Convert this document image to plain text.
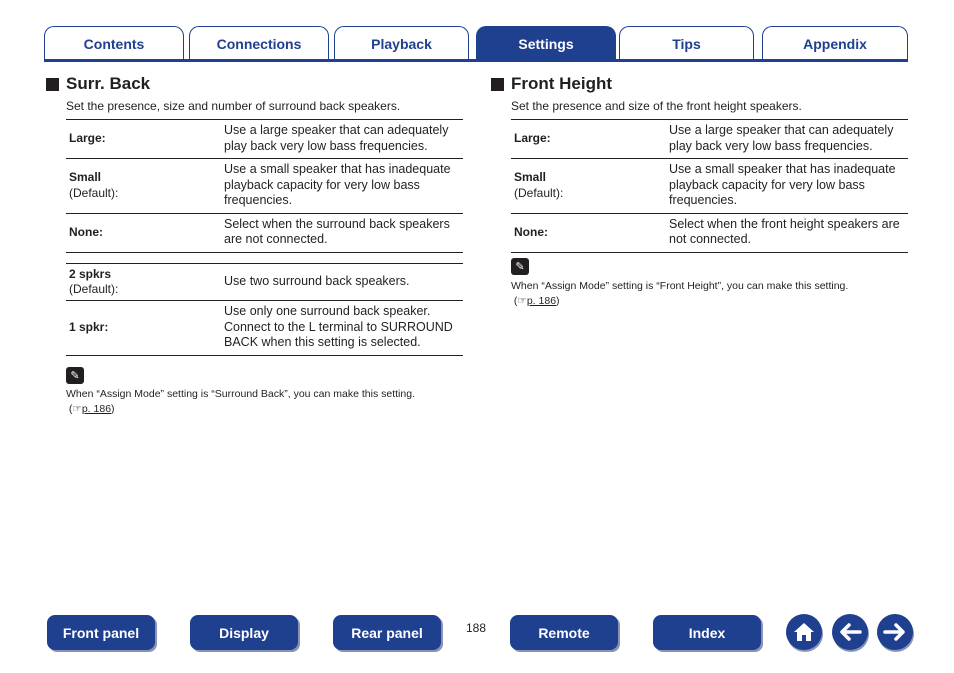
Contents	Connections	Playback	Settings	Tips	Appendix
Surr. Back
Set the presence, size and number of surround back speakers.
Large:	Use a large speaker that can adequately play back very low bass frequencies.
Small
(Default):	Use a small speaker that has inadequate playback capacity for very low bass frequencies.
None:	Select when the surround back speakers are not connected.
2 spkrs
(Default):	Use two surround back speakers.
1 spkr:	Use only one surround back speaker. Connect to the L terminal to SURROUND BACK when this setting is selected.
✎
When “Assign Mode” setting is “Surround Back”, you can make this setting.
(☞p. 186)
Front Height
Set the presence and size of the front height speakers.
Large:	Use a large speaker that can adequately play back very low bass frequencies.
Small
(Default):	Use a small speaker that has inadequate playback capacity for very low bass frequencies.
None:	Select when the front height speakers are not connected.
✎
When “Assign Mode” setting is “Front Height”, you can make this setting.
(☞p. 186)
Front panel	Display	Rear panel	188	Remote	Index
